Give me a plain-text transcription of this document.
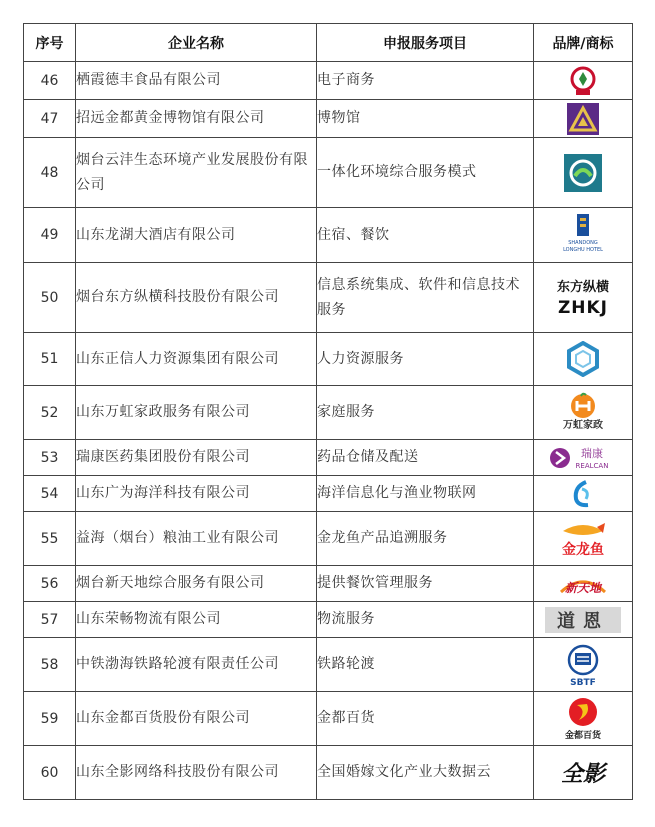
序号	企业名称	申报服务项目	品牌/商标
46	栖霞德丰食品有限公司	电子商务	

47	招远金都黄金博物馆有限公司	博物馆	

48	烟台云沣生态环境产业发展股份有限公司	一体化环境综合服务模式	

49	山东龙湖大酒店有限公司	住宿、餐饮	SHANDONG
LONGHU HOTEL

50	烟台东方纵横科技股份有限公司	信息系统集成、软件和信息技术服务	东方纵横
ZHKJ

51	山东正信人力资源集团有限公司	人力资源服务	

52	山东万虹家政服务有限公司	家庭服务	万虹家政

53	瑞康医药集团股份有限公司	药品仓储及配送	瑞康
REALCAN

54	山东广为海洋科技有限公司	海洋信息化与渔业物联网	

55	益海（烟台）粮油工业有限公司	金龙鱼产品追溯服务	金龙鱼

56	烟台新天地综合服务有限公司	提供餐饮管理服务	新天地

57	山东荣畅物流有限公司	物流服务	道恩

58	中铁渤海铁路轮渡有限责任公司	铁路轮渡	SBTF

59	山东金都百货股份有限公司	金都百货	金都百货

60	山东全影网络科技股份有限公司	全国婚嫁文化产业大数据云	全影
